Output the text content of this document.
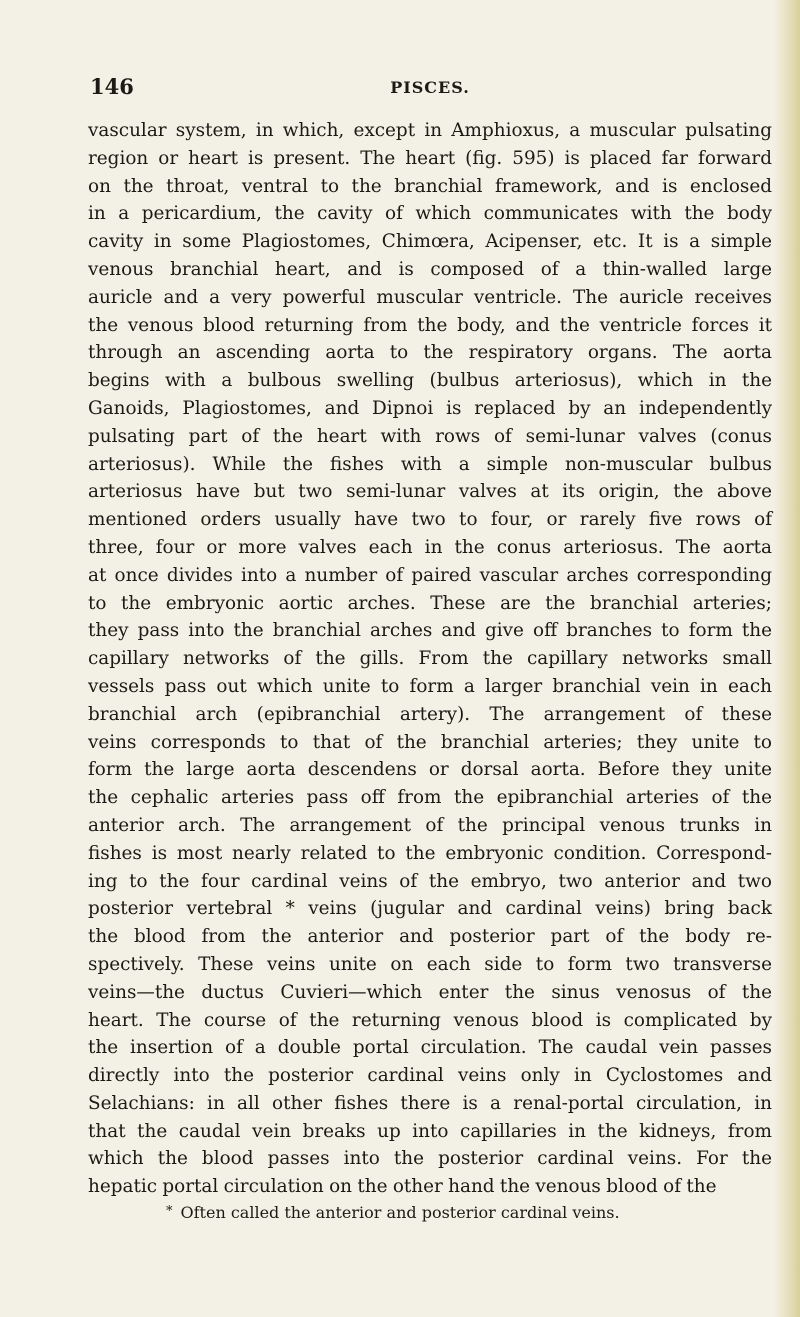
146	PISCES.

vascular system, in which, except in Amphioxus, a muscular pulsating
region or heart is present. The heart (fig. 595) is placed far forward
on the throat, ventral to the branchial framework, and is enclosed
in a pericardium, the cavity of which communicates with the body
cavity in some Plagiostomes, Chimœra, Acipenser, etc. It is a simple
venous branchial heart, and is composed of a thin-walled large
auricle and a very powerful muscular ventricle. The auricle receives
the venous blood returning from the body, and the ventricle forces it
through an ascending aorta to the respiratory organs. The aorta
begins with a bulbous swelling (bulbus arteriosus), which in the
Ganoids, Plagiostomes, and Dipnoi is replaced by an independently
pulsating part of the heart with rows of semi-lunar valves (conus
arteriosus). While the fishes with a simple non-muscular bulbus
arteriosus have but two semi-lunar valves at its origin, the above
mentioned orders usually have two to four, or rarely five rows of
three, four or more valves each in the conus arteriosus. The aorta
at once divides into a number of paired vascular arches corresponding
to the embryonic aortic arches. These are the branchial arteries;
they pass into the branchial arches and give off branches to form the
capillary networks of the gills. From the capillary networks small
vessels pass out which unite to form a larger branchial vein in each
branchial arch (epibranchial artery). The arrangement of these
veins corresponds to that of the branchial arteries; they unite to
form the large aorta descendens or dorsal aorta. Before they unite
the cephalic arteries pass off from the epibranchial arteries of the
anterior arch. The arrangement of the principal venous trunks in
fishes is most nearly related to the embryonic condition. Correspond-
ing to the four cardinal veins of the embryo, two anterior and two
posterior vertebral * veins (jugular and cardinal veins) bring back
the blood from the anterior and posterior part of the body re-
spectively. These veins unite on each side to form two transverse
veins—the ductus Cuvieri—which enter the sinus venosus of the
heart. The course of the returning venous blood is complicated by
the insertion of a double portal circulation. The caudal vein passes
directly into the posterior cardinal veins only in Cyclostomes and
Selachians: in all other fishes there is a renal-portal circulation, in
that the caudal vein breaks up into capillaries in the kidneys, from
which the blood passes into the posterior cardinal veins. For the
hepatic portal circulation on the other hand the venous blood of the

* Often called the anterior and posterior cardinal veins.
